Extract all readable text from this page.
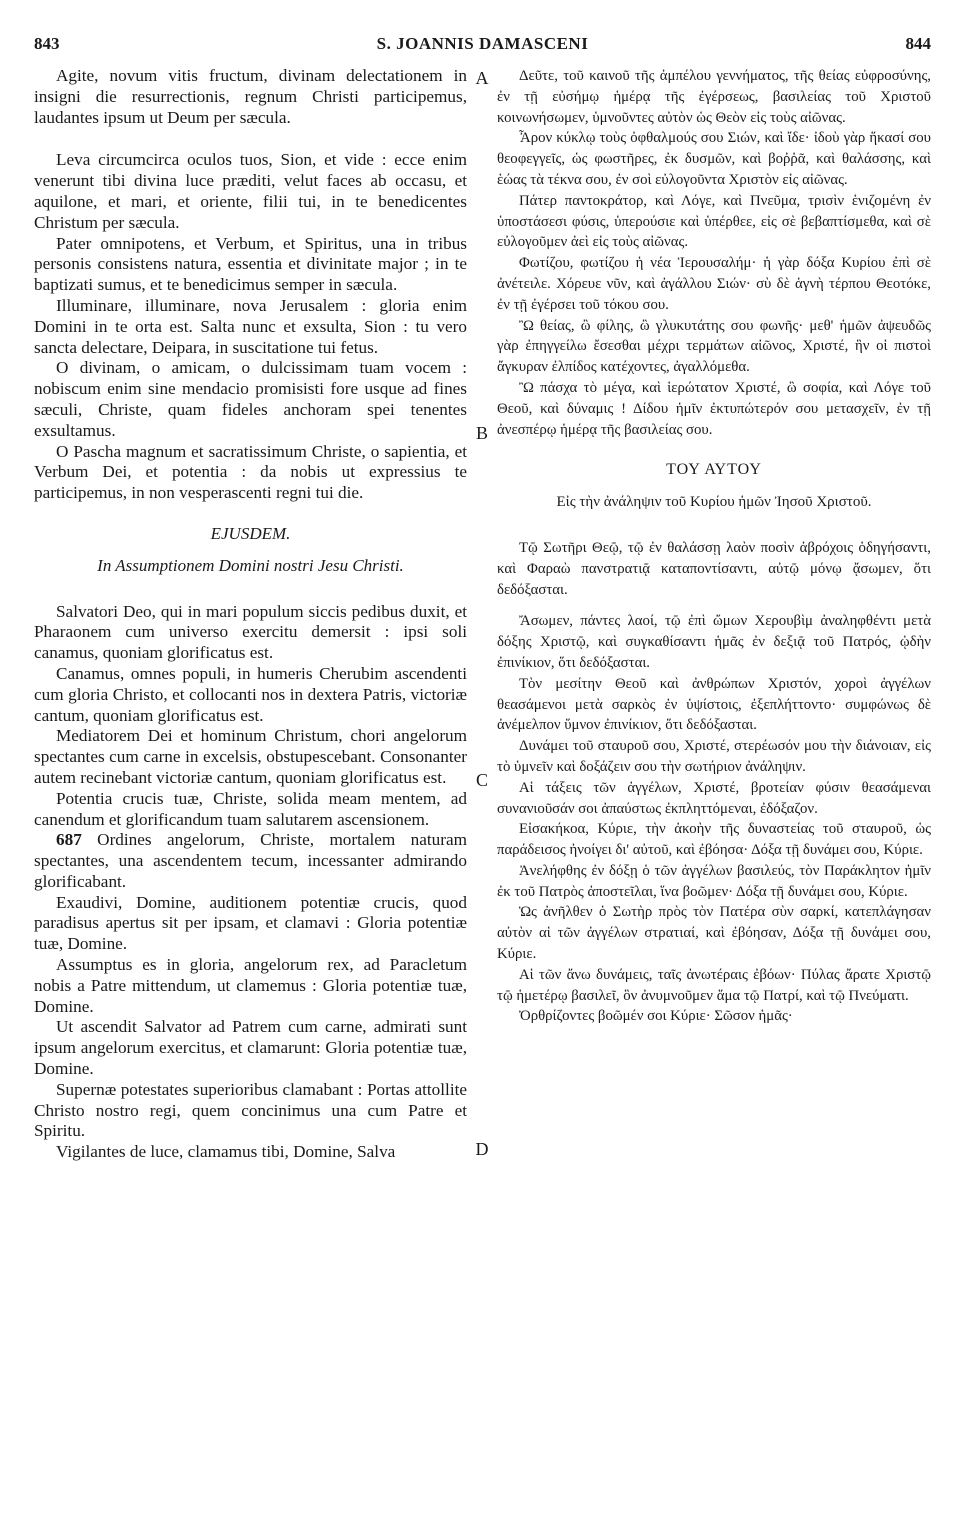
843	S. JOANNIS DAMASCENI	844
A
B
C
D

Agite, novum vitis fructum, divinam delectationem in insigni die resurrectionis, regnum Christi participemus, laudantes ipsum ut Deum per sæcula.

Leva circumcirca oculos tuos, Sion, et vide : ecce enim venerunt tibi divina luce præditi, velut faces ab occasu, et aquilone, et mari, et oriente, filii tui, in te benedicentes Christum per sæcula.

Pater omnipotens, et Verbum, et Spiritus, una in tribus personis consistens natura, essentia et divinitate major ; in te baptizati sumus, et te benedicimus semper in sæcula.

Illuminare, illuminare, nova Jerusalem : gloria enim Domini in te orta est. Salta nunc et exsulta, Sion : tu vero sancta delectare, Deipara, in suscitatione tui fetus.

O divinam, o amicam, o dulcissimam tuam vocem : nobiscum enim sine mendacio promisisti fore usque ad fines sæculi, Christe, quam fideles anchoram spei tenentes exsultamus.

O Pascha magnum et sacratissimum Christe, o sapientia, et Verbum Dei, et potentia : da nobis ut expressius te participemus, in non vesperascenti regni tui die.

EJUSDEM.

In Assumptionem Domini nostri Jesu Christi.

Salvatori Deo, qui in mari populum siccis pedibus duxit, et Pharaonem cum universo exercitu demersit : ipsi soli canamus, quoniam glorificatus est.

Canamus, omnes populi, in humeris Cherubim ascendenti cum gloria Christo, et collocanti nos in dextera Patris, victoriæ cantum, quoniam glorificatus est.

Mediatorem Dei et hominum Christum, chori angelorum spectantes cum carne in excelsis, obstupescebant. Consonanter autem recinebant victoriæ cantum, quoniam glorificatus est.

Potentia crucis tuæ, Christe, solida meam mentem, ad canendum et glorificandum tuam salutarem ascensionem.

687 Ordines angelorum, Christe, mortalem naturam spectantes, una ascendentem tecum, incessanter admirando glorificabant.

Exaudivi, Domine, auditionem potentiæ crucis, quod paradisus apertus sit per ipsam, et clamavi : Gloria potentiæ tuæ, Domine.

Assumptus es in gloria, angelorum rex, ad Paracletum nobis a Patre mittendum, ut clamemus : Gloria potentiæ tuæ, Domine.

Ut ascendit Salvator ad Patrem cum carne, admirati sunt ipsum angelorum exercitus, et clamarunt: Gloria potentiæ tuæ, Domine.

Supernæ potestates superioribus clamabant : Portas attollite Christo nostro regi, quem concinimus una cum Patre et Spiritu.

Vigilantes de luce, clamamus tibi, Domine, Salva

Δεῦτε, τοῦ καινοῦ τῆς ἀμπέλου γεννήματος, τῆς θείας εὐφροσύνης, ἐν τῇ εὐσήμῳ ἡμέρᾳ τῆς ἐγέρσεως, βασιλείας τοῦ Χριστοῦ κοινωνήσωμεν, ὑμνοῦντες αὐτὸν ὡς Θεὸν εἰς τοὺς αἰῶνας.

Ἆρον κύκλῳ τοὺς ὀφθαλμούς σου Σιών, καὶ ἴδε· ἰδοὺ γὰρ ἥκασί σου θεοφεγγεῖς, ὡς φωστῆρες, ἐκ δυσμῶν, καὶ βοῤῥᾶ, καὶ θαλάσσης, καὶ ἑώας τὰ τέκνα σου, ἐν σοὶ εὐλογοῦντα Χριστὸν εἰς αἰῶνας.

Πάτερ παντοκράτορ, καὶ Λόγε, καὶ Πνεῦμα, τρισὶν ἑνιζομένη ἐν ὑποστάσεσι φύσις, ὑπερούσιε καὶ ὑπέρθεε, εἰς σὲ βεβαπτίσμεθα, καὶ σὲ εὐλογοῦμεν ἀεὶ εἰς τοὺς αἰῶνας.

Φωτίζου, φωτίζου ἡ νέα Ἱερουσαλήμ· ἡ γὰρ δόξα Κυρίου ἐπὶ σὲ ἀνέτειλε. Χόρευε νῦν, καὶ ἀγάλλου Σιών· σὺ δὲ ἁγνὴ τέρπου Θεοτόκε, ἐν τῇ ἐγέρσει τοῦ τόκου σου.

Ὢ θείας, ὢ φίλης, ὢ γλυκυτάτης σου φωνῆς· μεθ' ἡμῶν ἀψευδῶς γὰρ ἐπηγγείλω ἔσεσθαι μέχρι τερμάτων αἰῶνος, Χριστέ, ἣν οἱ πιστοὶ ἄγκυραν ἐλπίδος κατέχοντες, ἀγαλλόμεθα.

Ὢ πάσχα τὸ μέγα, καὶ ἱερώτατον Χριστέ, ὢ σοφία, καὶ Λόγε τοῦ Θεοῦ, καὶ δύναμις ! Δίδου ἡμῖν ἐκτυπώτερόν σου μετασχεῖν, ἐν τῇ ἀνεσπέρῳ ἡμέρᾳ τῆς βασιλείας σου.

ΤΟΥ ΑΥΤΟΥ

Εἰς τὴν ἀνάληψιν τοῦ Κυρίου ἡμῶν Ἰησοῦ Χριστοῦ.

Τῷ Σωτῆρι Θεῷ, τῷ ἐν θαλάσσῃ λαὸν ποσὶν ἀβρόχοις ὁδηγήσαντι, καὶ Φαραὼ πανστρατιᾷ καταποντίσαντι, αὐτῷ μόνῳ ᾄσωμεν, ὅτι δεδόξασται.

Ἄσωμεν, πάντες λαοί, τῷ ἐπὶ ὤμων Χερουβὶμ ἀναληφθέντι μετὰ δόξης Χριστῷ, καὶ συγκαθίσαντι ἡμᾶς ἐν δεξιᾷ τοῦ Πατρός, ᾠδὴν ἐπινίκιον, ὅτι δεδόξασται.

Τὸν μεσίτην Θεοῦ καὶ ἀνθρώπων Χριστόν, χοροὶ ἀγγέλων θεασάμενοι μετὰ σαρκὸς ἐν ὑψίστοις, ἐξεπλήττοντο· συμφώνως δὲ ἀνέμελπον ὕμνον ἐπινίκιον, ὅτι δεδόξασται.

Δυνάμει τοῦ σταυροῦ σου, Χριστέ, στερέωσόν μου τὴν διάνοιαν, εἰς τὸ ὑμνεῖν καὶ δοξάζειν σου τὴν σωτήριον ἀνάληψιν.

Αἱ τάξεις τῶν ἀγγέλων, Χριστέ, βροτείαν φύσιν θεασάμεναι συνανιοῦσάν σοι ἀπαύστως ἐκπληττόμεναι, ἐδόξαζον.

Εἰσακήκοα, Κύριε, τὴν ἀκοὴν τῆς δυναστείας τοῦ σταυροῦ, ὡς παράδεισος ἠνοίγει δι' αὐτοῦ, καὶ ἐβόησα· Δόξα τῇ δυνάμει σου, Κύριε.

Ἀνελήφθης ἐν δόξῃ ὁ τῶν ἀγγέλων βασιλεύς, τὸν Παράκλητον ἡμῖν ἐκ τοῦ Πατρὸς ἀποστεῖλαι, ἵνα βοῶμεν· Δόξα τῇ δυνάμει σου, Κύριε.

Ὡς ἀνῆλθεν ὁ Σωτὴρ πρὸς τὸν Πατέρα σὺν σαρκί, κατεπλάγησαν αὐτὸν αἱ τῶν ἀγγέλων στρατιαί, καὶ ἐβόησαν, Δόξα τῇ δυνάμει σου, Κύριε.

Αἱ τῶν ἄνω δυνάμεις, ταῖς ἀνωτέραις ἐβόων· Πύλας ἄρατε Χριστῷ τῷ ἡμετέρῳ βασιλεῖ, ὃν ἀνυμνοῦμεν ἅμα τῷ Πατρί, καὶ τῷ Πνεύματι.

Ὀρθρίζοντες βοῶμέν σοι Κύριε· Σῶσον ἡμᾶς·
